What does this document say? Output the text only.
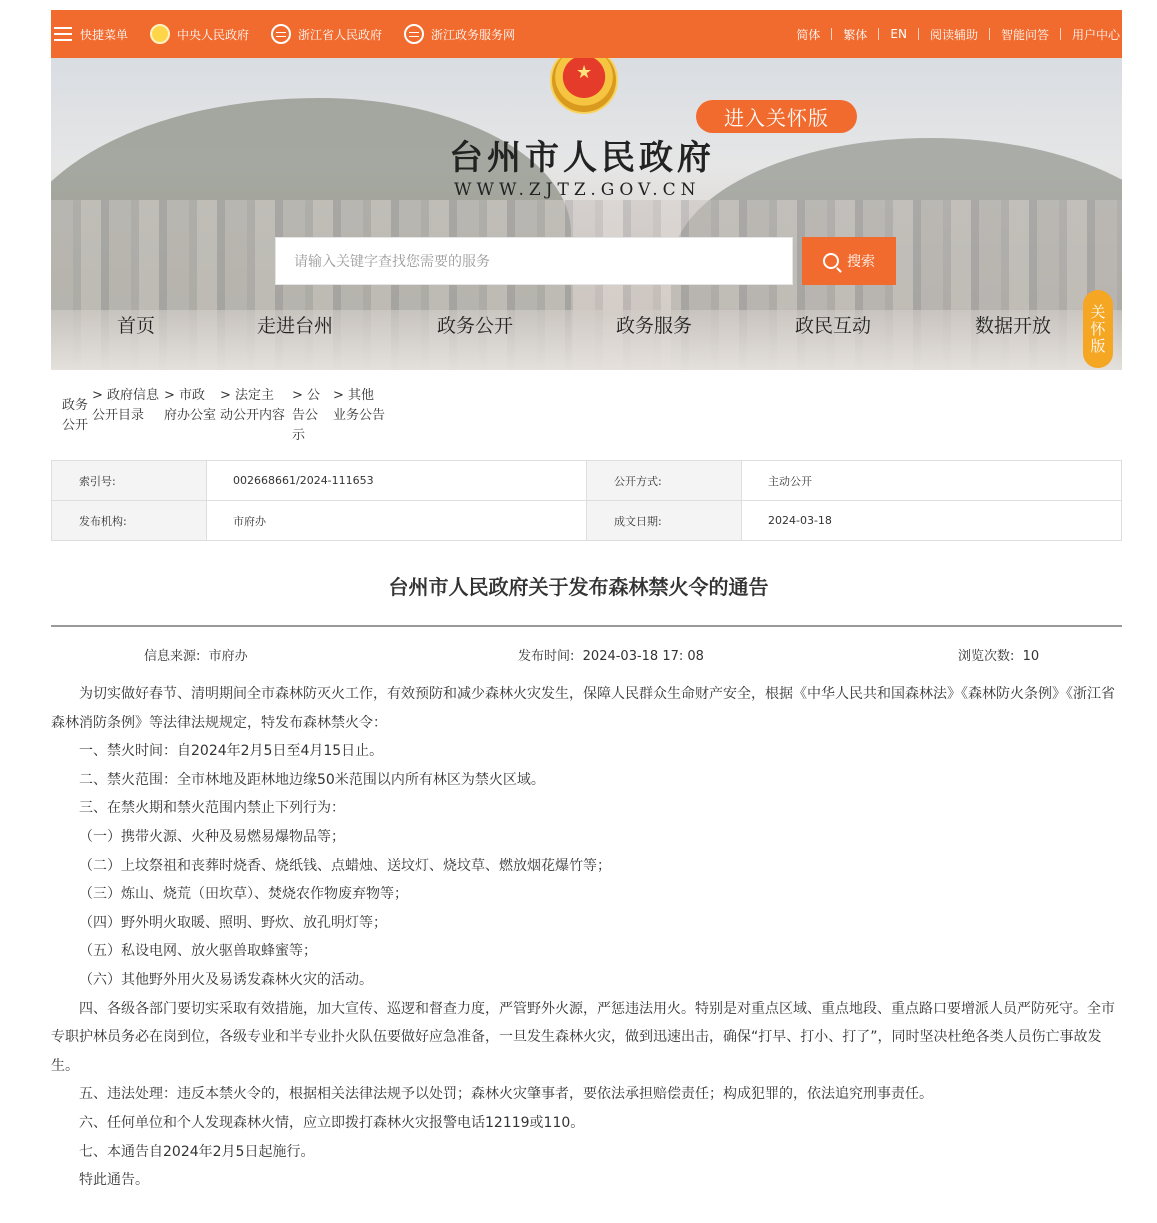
快捷菜单	中央人民政府	浙江省人民政府	浙江政务服务网	简体	繁体	EN	阅读辅助	智能问答	用户中心
★
进入关怀版
台州市人民政府
WWW.ZJTZ.GOV.CN
请输入关键字查找您需要的服务	搜索
首页	走进台州	政务公开	政务服务	政民互动	数据开放	关怀版
政务公开
> 政府信息公开目录
> 市政府办公室
> 法定主动公开内容
> 公告公示
> 其他业务公告
索引号:	002668661/2024-111653	公开方式:	主动公开
发布机构:	市府办	成文日期:	2024-03-18
台州市人民政府关于发布森林禁火令的通告
信息来源: 市府办	发布时间: 2024-03-18 17: 08	浏览次数: 10

为切实做好春节、清明期间全市森林防灭火工作，有效预防和减少森林火灾发生，保障人民群众生命财产安全，根据《中华人民共和国森林法》《森林防火条例》《浙江省森林消防条例》等法律法规规定，特发布森林禁火令：

一、禁火时间：自2024年2月5日至4月15日止。

二、禁火范围：全市林地及距林地边缘50米范围以内所有林区为禁火区域。

三、在禁火期和禁火范围内禁止下列行为：

（一）携带火源、火种及易燃易爆物品等；

（二）上坟祭祖和丧葬时烧香、烧纸钱、点蜡烛、送坟灯、烧坟草、燃放烟花爆竹等；

（三）炼山、烧荒（田坎草）、焚烧农作物废弃物等；

（四）野外明火取暖、照明、野炊、放孔明灯等；

（五）私设电网、放火驱兽取蜂蜜等；

（六）其他野外用火及易诱发森林火灾的活动。

四、各级各部门要切实采取有效措施，加大宣传、巡逻和督查力度，严管野外火源，严惩违法用火。特别是对重点区域、重点地段、重点路口要增派人员严防死守。全市专职护林员务必在岗到位，各级专业和半专业扑火队伍要做好应急准备，一旦发生森林火灾，做到迅速出击，确保“打早、打小、打了”，同时坚决杜绝各类人员伤亡事故发生。

五、违法处理：违反本禁火令的，根据相关法律法规予以处罚；森林火灾肇事者，要依法承担赔偿责任；构成犯罪的，依法追究刑事责任。

六、任何单位和个人发现森林火情，应立即拨打森林火灾报警电话12119或110。

七、本通告自2024年2月5日起施行。

特此通告。
